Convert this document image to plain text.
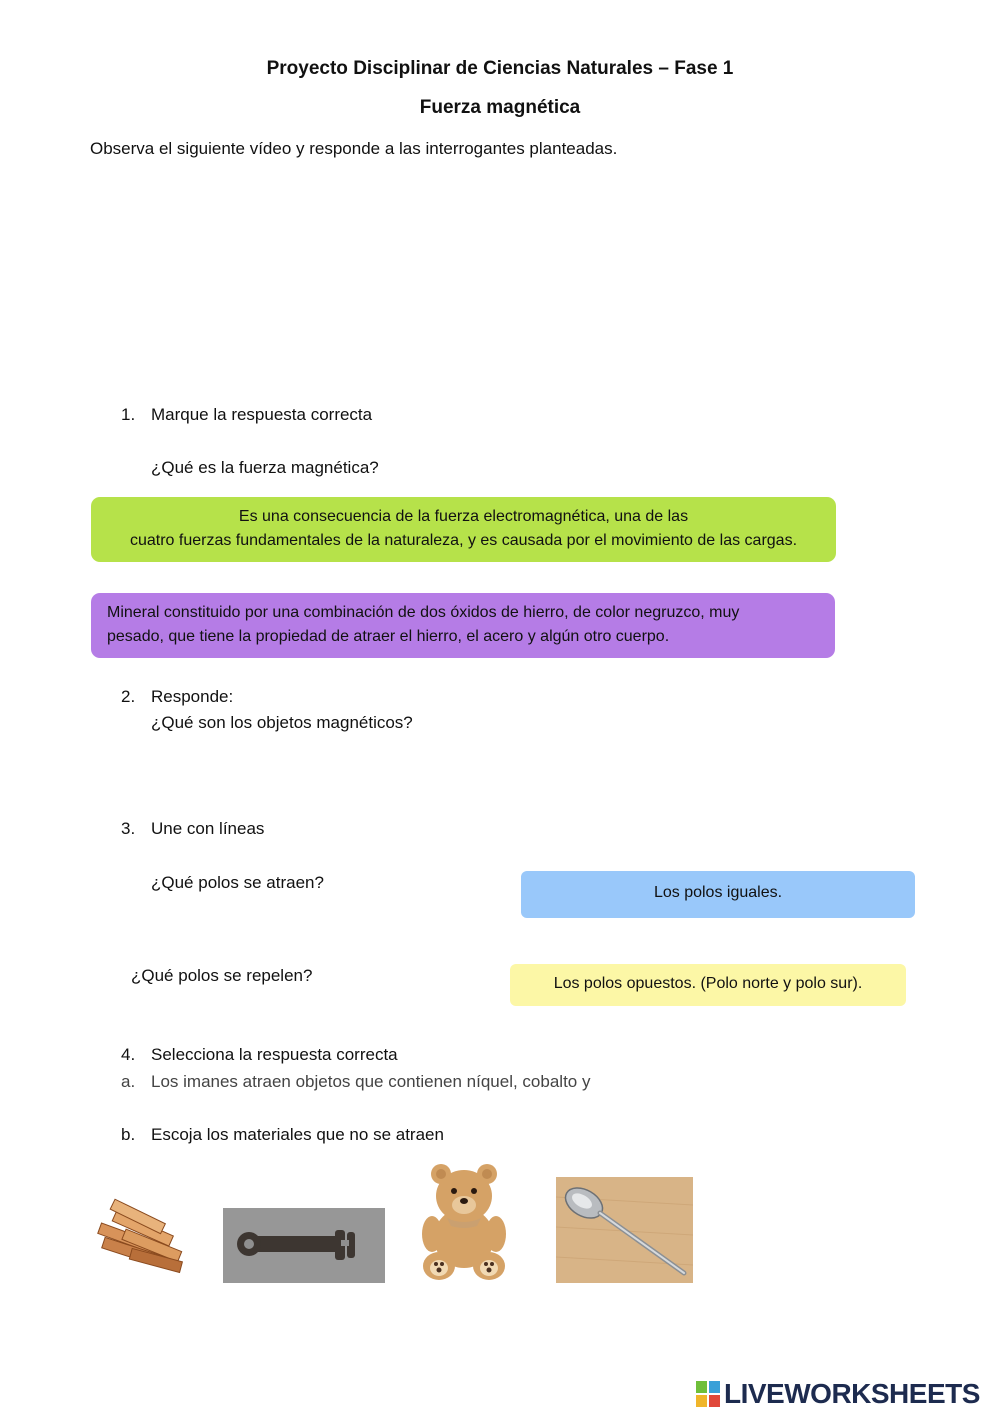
Proyecto Disciplinar de Ciencias Naturales – Fase 1
Fuerza magnética
Observa el siguiente vídeo y responde a las interrogantes planteadas.
1. Marque la respuesta correcta
¿Qué es la fuerza magnética?
Es una consecuencia de la fuerza electromagnética, una de las
cuatro fuerzas fundamentales de la naturaleza, y es causada por el movimiento de las cargas.
Mineral constituido por una combinación de dos óxidos de hierro, de color negruzco, muy
pesado, que tiene la propiedad de atraer el hierro, el acero y algún otro cuerpo.
2. Responde:
¿Qué son los objetos magnéticos?
3. Une con líneas
¿Qué polos se atraen?
¿Qué polos se repelen?
Los polos iguales.
Los polos opuestos. (Polo norte y polo sur).
4. Selecciona la respuesta correcta
a. Los imanes atraen objetos que contienen níquel, cobalto y
b. Escoja los materiales que no se atraen
LIVEWORKSHEETS
